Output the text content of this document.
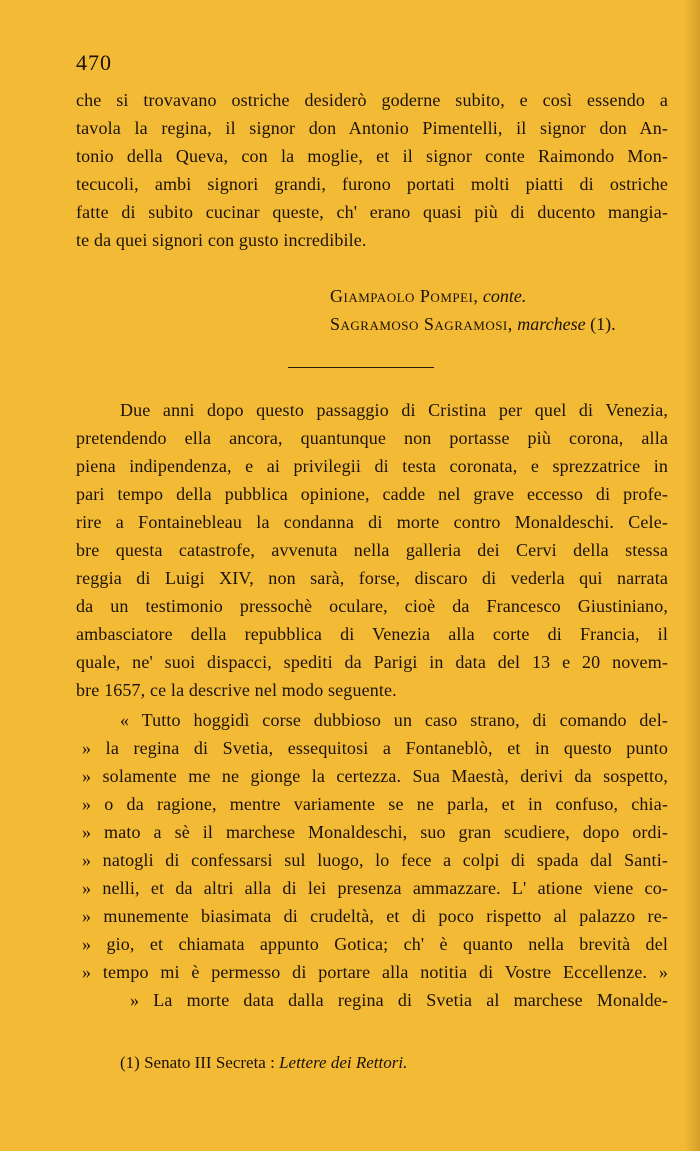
470
che si trovavano ostriche desiderò goderne subito, e così essendo a
tavola la regina, il signor don Antonio Pimentelli, il signor don An-
tonio della Queva, con la moglie, et il signor conte Raimondo Mon-
tecucoli, ambi signori grandi, furono portati molti piatti di ostriche
fatte di subito cucinar queste, ch' erano quasi più di ducento mangia-
te da quei signori con gusto incredibile.
Giampaolo Pompei, conte.
Sagramoso Sagramosi, marchese (1).
Due anni dopo questo passaggio di Cristina per quel di Venezia,
pretendendo ella ancora, quantunque non portasse più corona, alla
piena indipendenza, e ai privilegii di testa coronata, e sprezzatrice in
pari tempo della pubblica opinione, cadde nel grave eccesso di profe-
rire a Fontainebleau la condanna di morte contro Monaldeschi. Cele-
bre questa catastrofe, avvenuta nella galleria dei Cervi della stessa
reggia di Luigi XIV, non sarà, forse, discaro di vederla qui narrata
da un testimonio pressochè oculare, cioè da Francesco Giustiniano,
ambasciatore della repubblica di Venezia alla corte di Francia, il
quale, ne' suoi dispacci, spediti da Parigi in data del 13 e 20 novem-
bre 1657, ce la descrive nel modo seguente.
« Tutto hoggidì corse dubbioso un caso strano, di comando del-
» la regina di Svetia, essequitosi a Fontaneblò, et in questo punto
» solamente me ne gionge la certezza. Sua Maestà, derivi da sospetto,
» o da ragione, mentre variamente se ne parla, et in confuso, chia-
» mato a sè il marchese Monaldeschi, suo gran scudiere, dopo ordi-
» natogli di confessarsi sul luogo, lo fece a colpi di spada dal Santi-
» nelli, et da altri alla di lei presenza ammazzare. L' atione viene co-
» munemente biasimata di crudeltà, et di poco rispetto al palazzo re-
» gio, et chiamata appunto Gotica; ch' è quanto nella brevità del
» tempo mi è permesso di portare alla notitia di Vostre Eccellenze. »
» La morte data dalla regina di Svetia al marchese Monalde-
(1) Senato III Secreta : Lettere dei Rettori.
